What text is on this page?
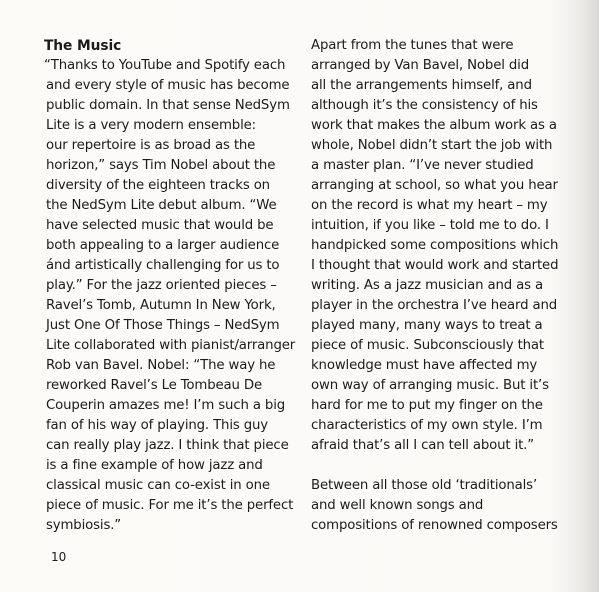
The Music
“Thanks to YouTube and Spotify each
and every style of music has become
public domain. In that sense NedSym
Lite is a very modern ensemble:
our repertoire is as broad as the
horizon,” says Tim Nobel about the
diversity of the eighteen tracks on
the NedSym Lite debut album. “We
have selected music that would be
both appealing to a larger audience
ánd artistically challenging for us to
play.” For the jazz oriented pieces –
Ravel’s Tomb, Autumn In New York,
Just One Of Those Things – NedSym
Lite collaborated with pianist/arranger
Rob van Bavel. Nobel: “The way he
reworked Ravel’s Le Tombeau De
Couperin amazes me! I’m such a big
fan of his way of playing. This guy
can really play jazz. I think that piece
is a fine example of how jazz and
classical music can co-exist in one
piece of music. For me it’s the perfect
symbiosis.”
Apart from the tunes that were
arranged by Van Bavel, Nobel did
all the arrangements himself, and
although it’s the consistency of his
work that makes the album work as a
whole, Nobel didn’t start the job with
a master plan. “I’ve never studied
arranging at school, so what you hear
on the record is what my heart – my
intuition, if you like – told me to do. I
handpicked some compositions which
I thought that would work and started
writing. As a jazz musician and as a
player in the orchestra I’ve heard and
played many, many ways to treat a
piece of music. Subconsciously that
knowledge must have affected my
own way of arranging music. But it’s
hard for me to put my finger on the
characteristics of my own style. I’m
afraid that’s all I can tell about it.”
Between all those old ‘traditionals’
and well known songs and
compositions of renowned composers
10
